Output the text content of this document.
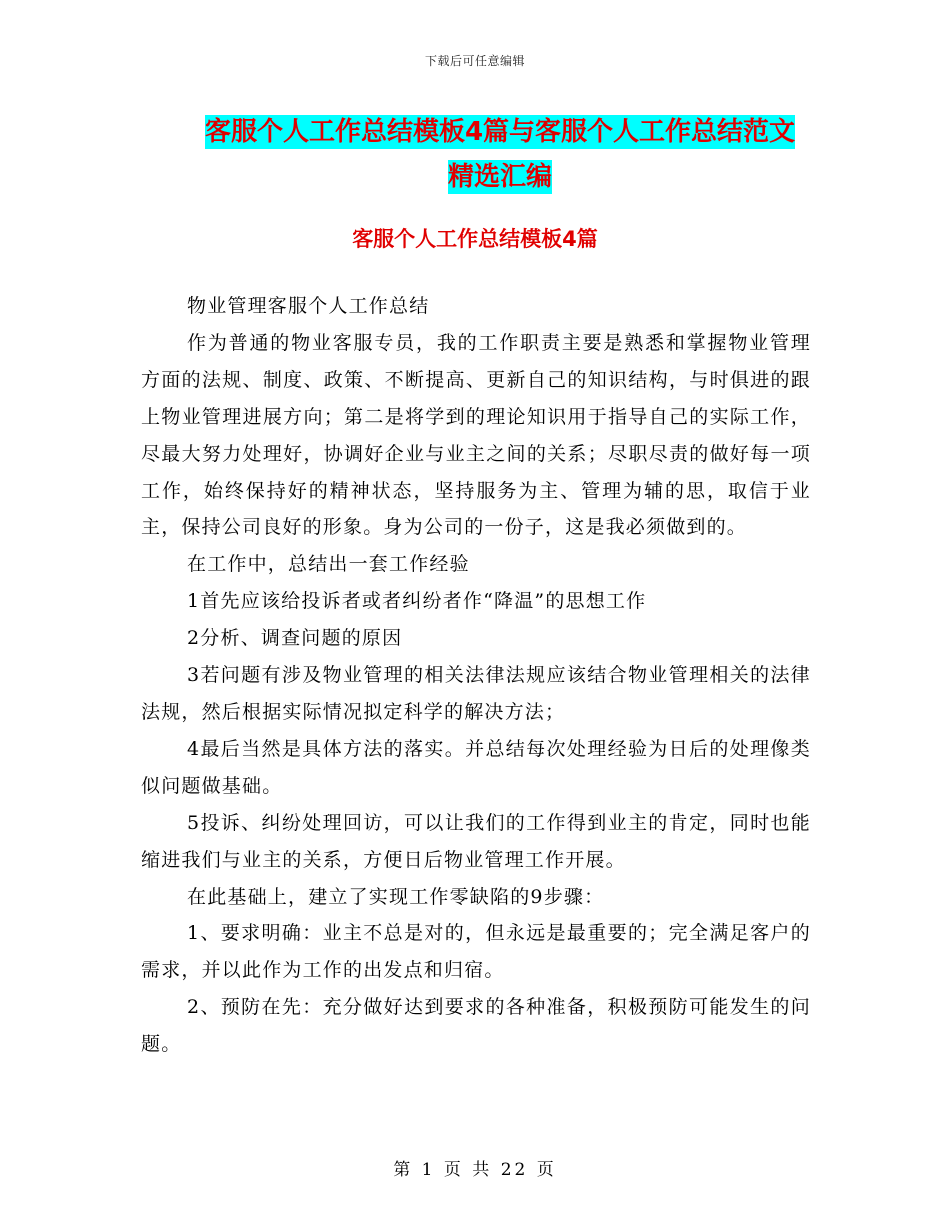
下载后可任意编辑
客服个人工作总结模板4篇与客服个人工作总结范文
精选汇编
客服个人工作总结模板4篇

物业管理客服个人工作总结

作为普通的物业客服专员，我的工作职责主要是熟悉和掌握物业管理方面的法规、制度、政策、不断提高、更新自己的知识结构，与时俱进的跟上物业管理进展方向；第二是将学到的理论知识用于指导自己的实际工作，尽最大努力处理好，协调好企业与业主之间的关系；尽职尽责的做好每一项工作，始终保持好的精神状态，坚持服务为主、管理为辅的思，取信于业主，保持公司良好的形象。身为公司的一份子，这是我必须做到的。

在工作中，总结出一套工作经验

1首先应该给投诉者或者纠纷者作“降温”的思想工作

2分析、调查问题的原因

3若问题有涉及物业管理的相关法律法规应该结合物业管理相关的法律法规，然后根据实际情况拟定科学的解决方法；

4最后当然是具体方法的落实。并总结每次处理经验为日后的处理像类似问题做基础。

5投诉、纠纷处理回访，可以让我们的工作得到业主的肯定，同时也能缩进我们与业主的关系，方便日后物业管理工作开展。

在此基础上，建立了实现工作零缺陷的9步骤：

1、要求明确：业主不总是对的，但永远是最重要的；完全满足客户的需求，并以此作为工作的出发点和归宿。

2、预防在先：充分做好达到要求的各种准备，积极预防可能发生的问题。

第 1 页 共 22 页
